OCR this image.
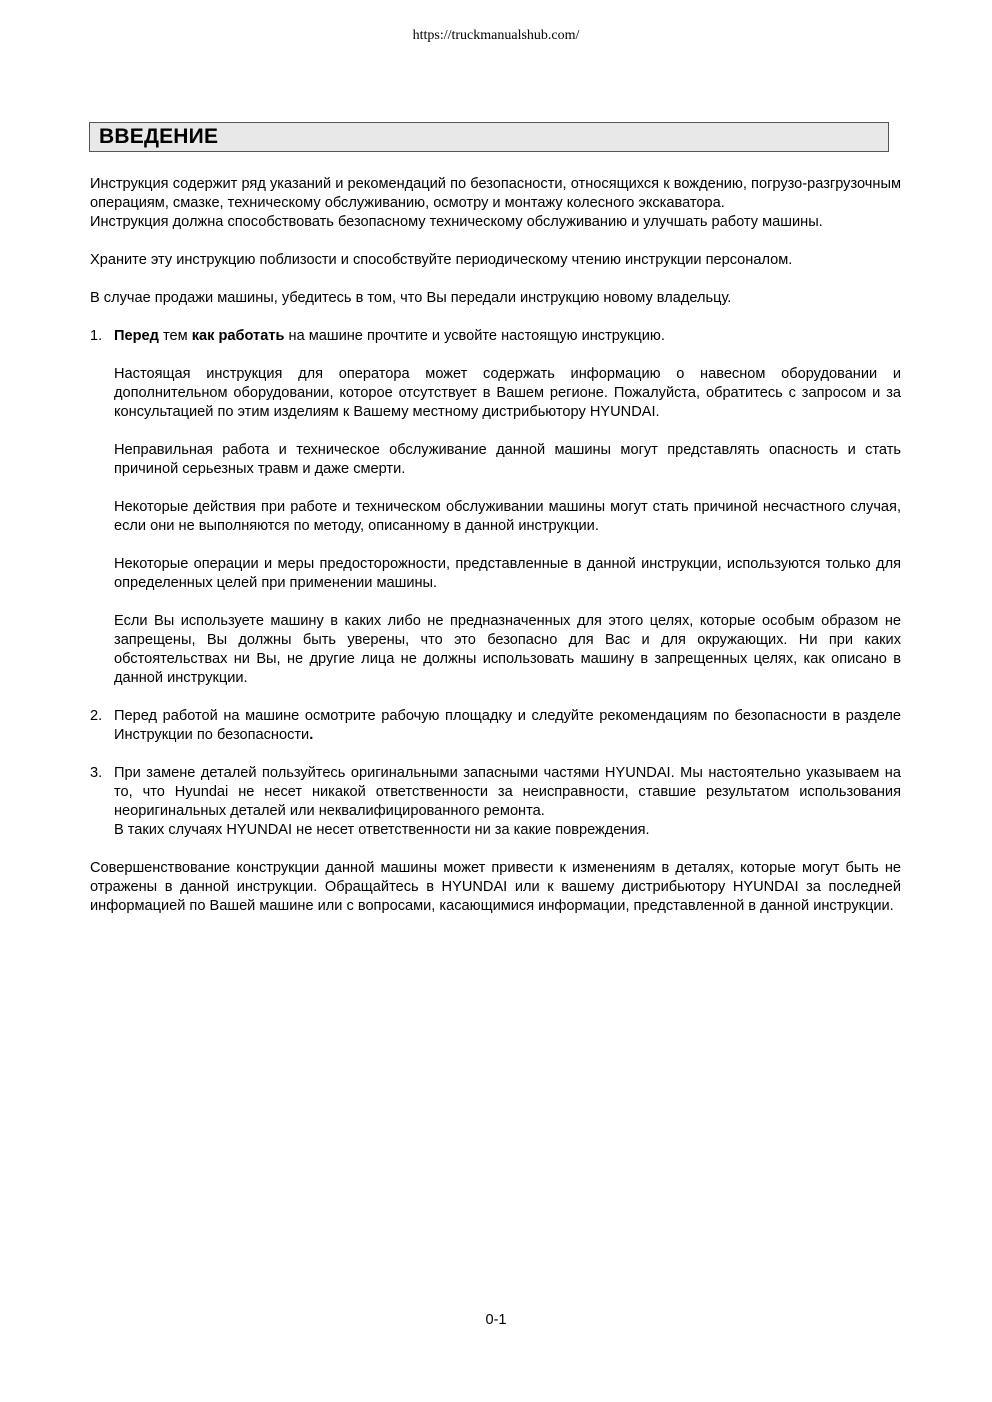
https://truckmanualshub.com/
ВВЕДЕНИЕ

Инструкция содержит ряд указаний и рекомендаций по безопасности, относящихся к вождению, погрузо-разгрузочным операциям, смазке, техническому обслуживанию, осмотру и монтажу колесного экскаватора.

Инструкция должна способствовать безопасному техническому обслуживанию и улучшать работу машины.

Храните эту инструкцию поблизости и способствуйте периодическому чтению инструкции персоналом.

В случае продажи машины, убедитесь в том, что Вы передали инструкцию новому владельцу.

1. Перед тем как работать на машине прочтите и усвойте настоящую инструкцию.

Настоящая инструкция для оператора может содержать информацию о навесном оборудовании и дополнительном оборудовании, которое отсутствует в Вашем регионе. Пожалуйста, обратитесь с запросом и за консультацией по этим изделиям к Вашему местному дистрибьютору HYUNDAI.

Неправильная работа и техническое обслуживание данной машины могут представлять опасность и стать причиной серьезных травм и даже смерти.

Некоторые действия при работе и техническом обслуживании машины могут стать причиной несчастного случая, если они не выполняются по методу, описанному в данной инструкции.

Некоторые операции и меры предосторожности, представленные в данной инструкции, используются только для определенных целей при применении машины.

Если Вы используете машину в каких либо не предназначенных для этого целях, которые особым образом не запрещены, Вы должны быть уверены, что это безопасно для Вас и для окружающих. Ни при каких обстоятельствах ни Вы, не другие лица не должны использовать машину в запрещенных целях, как описано в данной инструкции.

2. Перед работой на машине осмотрите рабочую площадку и следуйте рекомендациям по безопасности в разделе Инструкции по безопасности.

3. При замене деталей пользуйтесь оригинальными запасными частями HYUNDAI. Мы настоятельно указываем на то, что Hyundai не несет никакой ответственности за неисправности, ставшие результатом использования неоригинальных деталей или неквалифицированного ремонта.

В таких случаях HYUNDAI не несет ответственности ни за какие повреждения.

Совершенствование конструкции данной машины может привести к изменениям в деталях, которые могут быть не отражены в данной инструкции. Обращайтесь в HYUNDAI или к вашему дистрибьютору HYUNDAI за последней информацией по Вашей машине или с вопросами, касающимися информации, представленной в данной инструкции.

0-1
